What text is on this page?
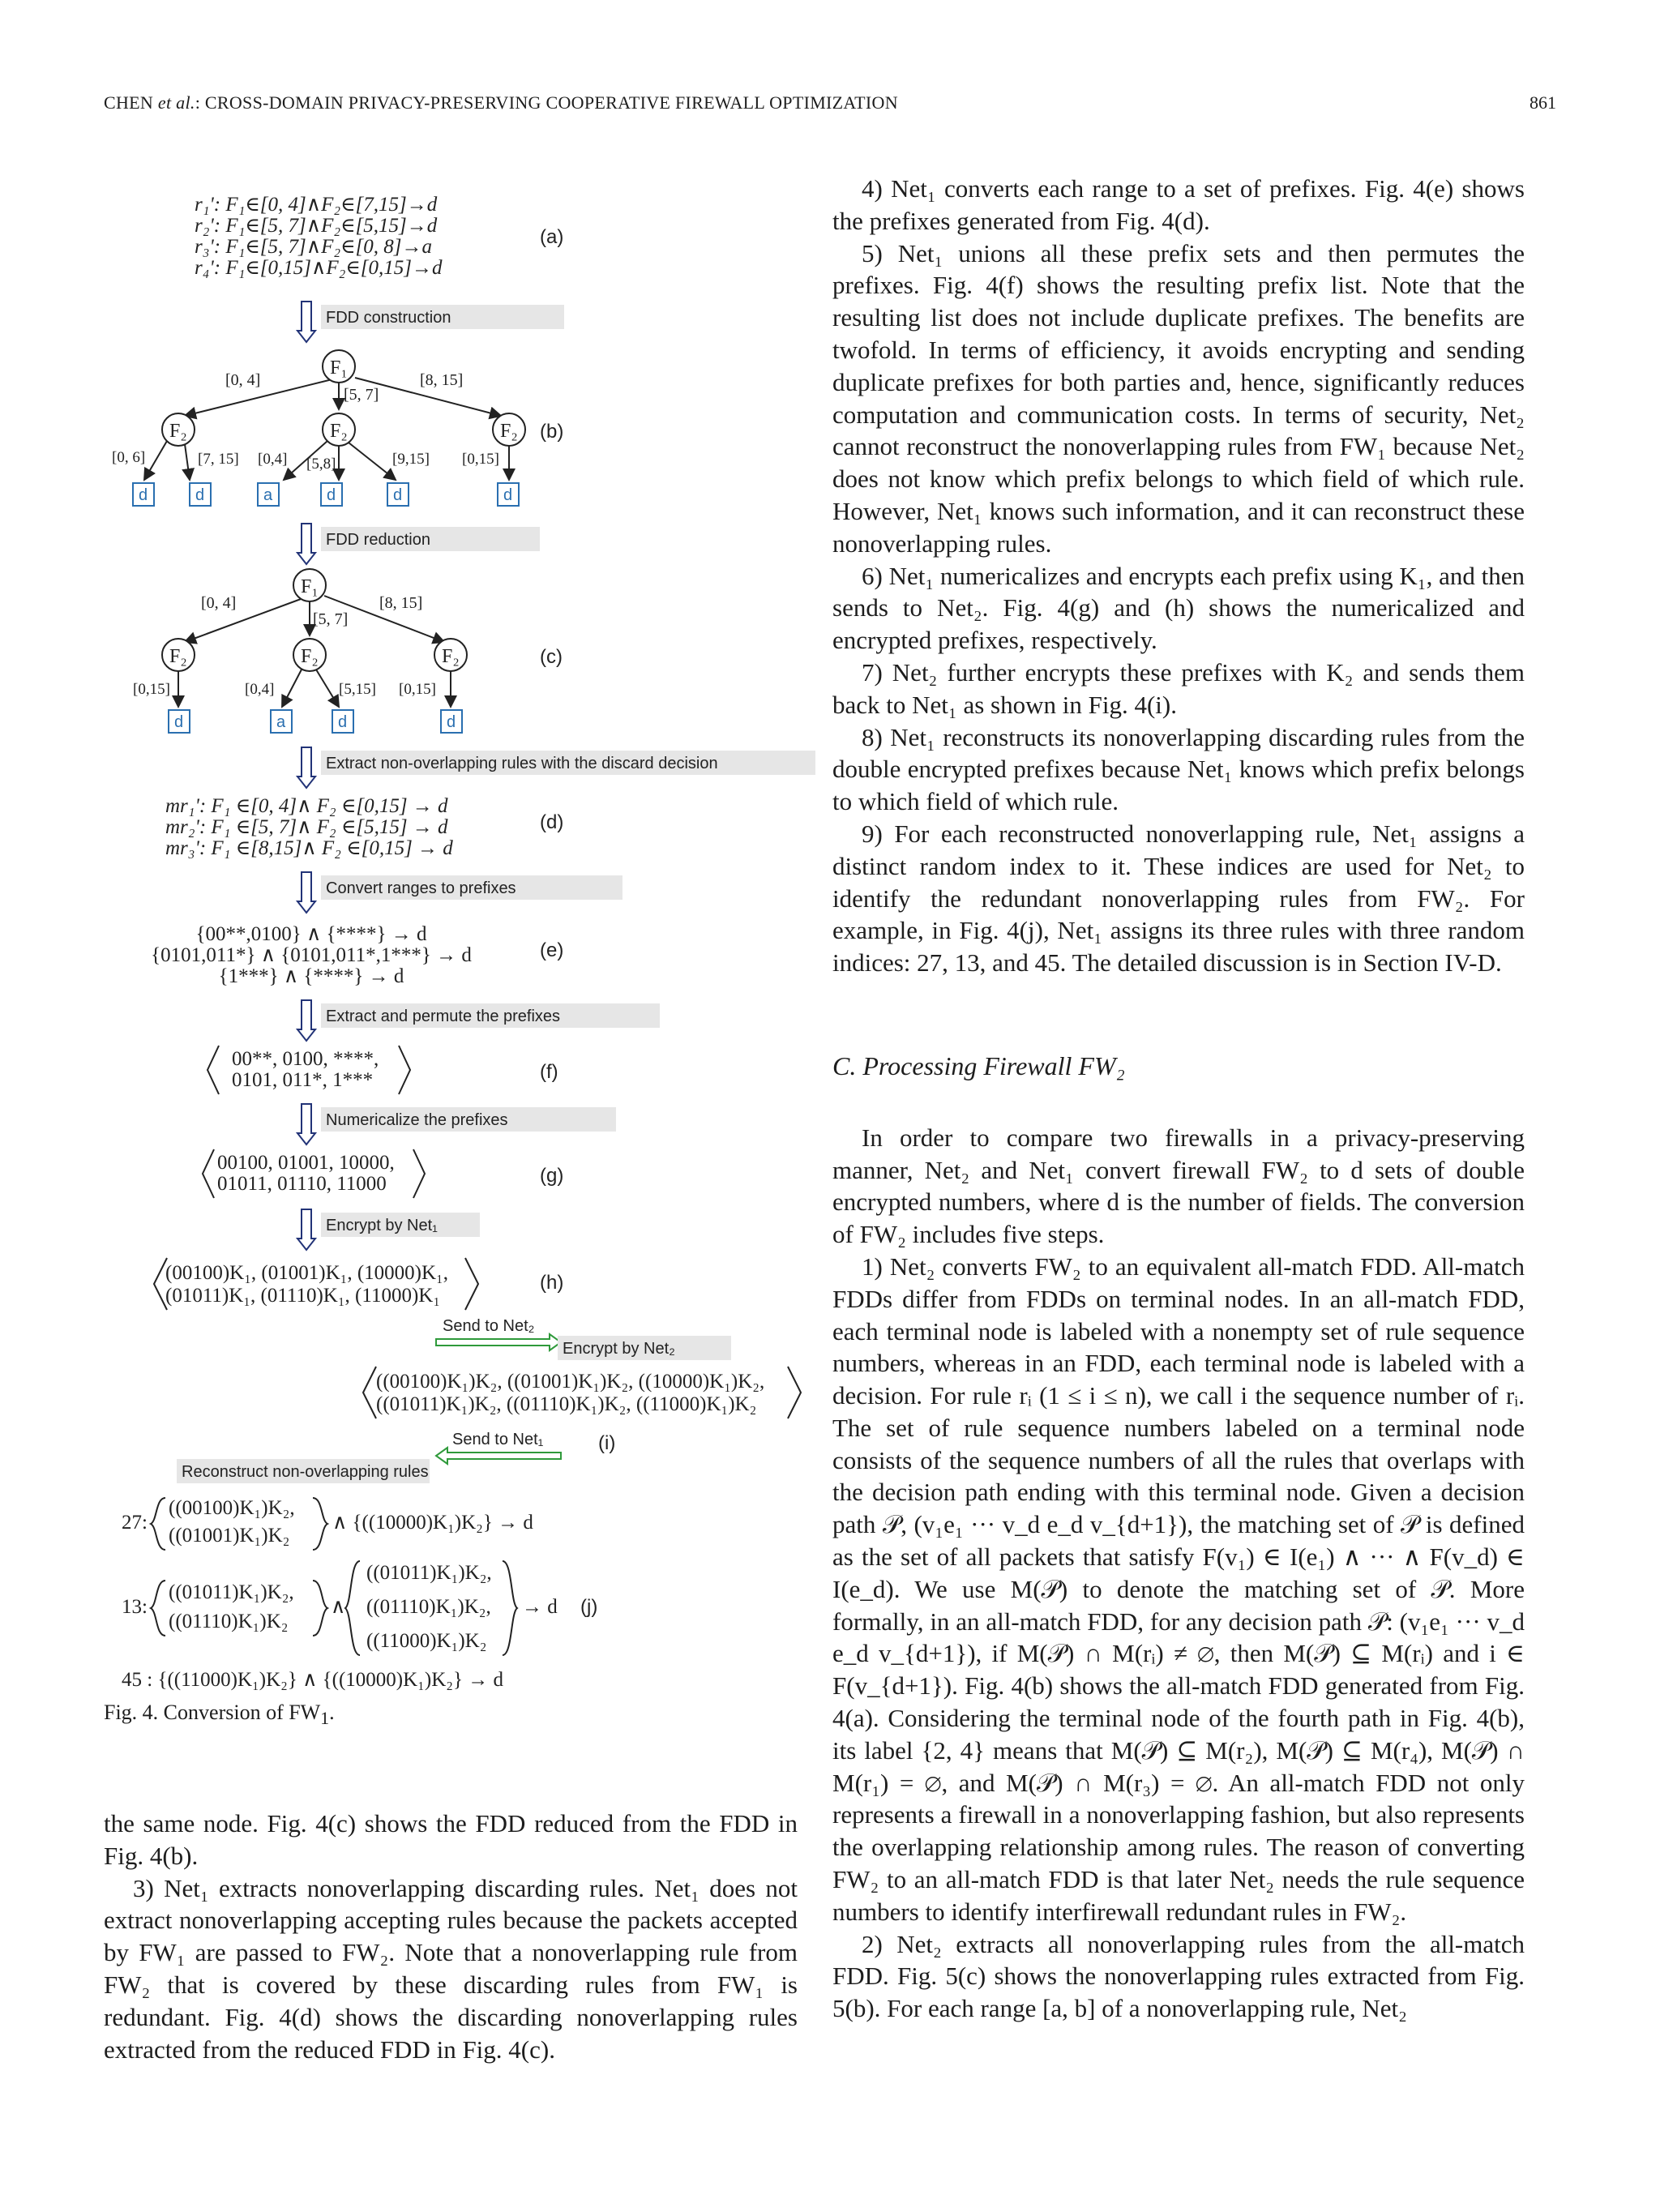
CHEN et al.: CROSS-DOMAIN PRIVACY-PRESERVING COOPERATIVE FIREWALL OPTIMIZATION	861
r₁': F₁∈[0, 4]∧F₂∈[7,15]→d
r₂': F₁∈[5, 7]∧F₂∈[5,15]→d
r₃': F₁∈[5, 7]∧F₂∈[0, 8]→a
r₄': F₁∈[0,15]∧F₂∈[0,15]→d
(a)
FDD construction
F₁
[0, 4]
[5, 7]
[8, 15]
F₂	F₂	F₂
[0, 6]	[7, 15] [0,4] [5,8]	[9,15] [0,15]
d	d	a	d	d	d
(b)
FDD reduction
F₁
[0, 4]
[5, 7]
[8, 15]
F₂	F₂	F₂
[0,15]	[0,4]	[5,15] [0,15]
d	a	d	d
(c)
Extract non-overlapping rules with the discard decision
mr₁': F₁ ∈[0, 4]∧ F₂ ∈[0,15] → d
mr₂': F₁ ∈[5, 7]∧ F₂ ∈[5,15] → d
mr₃': F₁ ∈[8,15]∧ F₂ ∈[0,15] → d
(d)
Convert ranges to prefixes
{00**,0100} ∧ {****} → d
{0101,011*} ∧ {0101,011*,1***} → d
{1***} ∧ {****} → d
(e)
Extract and permute the prefixes
00**, 0100, ****,
0101, 011*, 1***	(f)
Numericalize the prefixes
00100, 01001, 10000,
01011, 01110, 11000	(g)
Encrypt by Net₁
(00100)K₁, (01001)K₁, (10000)K₁,
(01011)K₁, (01110)K₁, (11000)K₁
(h)
Send to Net₂
Encrypt by Net₂
((00100)K₁)K₂, ((01001)K₁)K₂, ((10000)K₁)K₂,
((01011)K₁)K₂, ((01110)K₁)K₂, ((11000)K₁)K₂
Send to Net₁	(i)
Reconstruct non-overlapping rules
27:
((00100)K₁)K₂,
((01001)K₁)K₂
∧ {((10000)K₁)K₂} → d
13:
((01011)K₁)K₂,
((01110)K₁)K₂
∧
((01011)K₁)K₂,
((01110)K₁)K₂,
((11000)K₁)K₂
→ d
45 : {((11000)K₁)K₂} ∧ {((10000)K₁)K₂} → d
(j)
Fig. 4. Conversion of $FW_1$.

the same node. Fig. 4(c) shows the FDD reduced from the FDD in Fig. 4(b).

3) Net₁ extracts nonoverlapping discarding rules. Net₁ does not extract nonoverlapping accepting rules because the packets accepted by FW₁ are passed to FW₂. Note that a nonoverlapping rule from FW₂ that is covered by these discarding rules from FW₁ is redundant. Fig. 4(d) shows the discarding nonoverlapping rules extracted from the reduced FDD in Fig. 4(c).

4) Net₁ converts each range to a set of prefixes. Fig. 4(e) shows the prefixes generated from Fig. 4(d).

5) Net₁ unions all these prefix sets and then permutes the prefixes. Fig. 4(f) shows the resulting prefix list. Note that the resulting list does not include duplicate prefixes. The benefits are twofold. In terms of efficiency, it avoids encrypting and sending duplicate prefixes for both parties and, hence, significantly reduces computation and communication costs. In terms of security, Net₂ cannot reconstruct the nonoverlapping rules from FW₁ because Net₂ does not know which prefix belongs to which field of which rule. However, Net₁ knows such information, and it can reconstruct these nonoverlapping rules.

6) Net₁ numericalizes and encrypts each prefix using K₁, and then sends to Net₂. Fig. 4(g) and (h) shows the numericalized and encrypted prefixes, respectively.

7) Net₂ further encrypts these prefixes with K₂ and sends them back to Net₁ as shown in Fig. 4(i).

8) Net₁ reconstructs its nonoverlapping discarding rules from the double encrypted prefixes because Net₁ knows which prefix belongs to which field of which rule.

9) For each reconstructed nonoverlapping rule, Net₁ assigns a distinct random index to it. These indices are used for Net₂ to identify the redundant nonoverlapping rules from FW₂. For example, in Fig. 4(j), Net₁ assigns its three rules with three random indices: 27, 13, and 45. The detailed discussion is in Section IV-D.

C. Processing Firewall FW₂

In order to compare two firewalls in a privacy-preserving manner, Net₂ and Net₁ convert firewall FW₂ to d sets of double encrypted numbers, where d is the number of fields. The conversion of FW₂ includes five steps.

1) Net₂ converts FW₂ to an equivalent all-match FDD. All-match FDDs differ from FDDs on terminal nodes. In an all-match FDD, each terminal node is labeled with a nonempty set of rule sequence numbers, whereas in an FDD, each terminal node is labeled with a decision. For rule rᵢ (1 ≤ i ≤ n), we call i the sequence number of rᵢ. The set of rule sequence numbers labeled on a terminal node consists of the sequence numbers of all the rules that overlaps with the decision path ending with this terminal node. Given a decision path 𝒫, (v₁e₁ ··· v_d e_d v_{d+1}), the matching set of 𝒫 is defined as the set of all packets that satisfy F(v₁) ∈ I(e₁) ∧ ··· ∧ F(v_d) ∈ I(e_d). We use M(𝒫) to denote the matching set of 𝒫. More formally, in an all-match FDD, for any decision path 𝒫: (v₁e₁ ··· v_d e_d v_{d+1}), if M(𝒫) ∩ M(rᵢ) ≠ ∅, then M(𝒫) ⊆ M(rᵢ) and i ∈ F(v_{d+1}). Fig. 4(b) shows the all-match FDD generated from Fig. 4(a). Considering the terminal node of the fourth path in Fig. 4(b), its label {2, 4} means that M(𝒫) ⊆ M(r₂), M(𝒫) ⊆ M(r₄), M(𝒫) ∩ M(r₁) = ∅, and M(𝒫) ∩ M(r₃) = ∅. An all-match FDD not only represents a firewall in a nonoverlapping fashion, but also represents the overlapping relationship among rules. The reason of converting FW₂ to an all-match FDD is that later Net₂ needs the rule sequence numbers to identify interfirewall redundant rules in FW₂.

2) Net₂ extracts all nonoverlapping rules from the all-match FDD. Fig. 5(c) shows the nonoverlapping rules extracted from Fig. 5(b). For each range [a, b] of a nonoverlapping rule, Net₂
